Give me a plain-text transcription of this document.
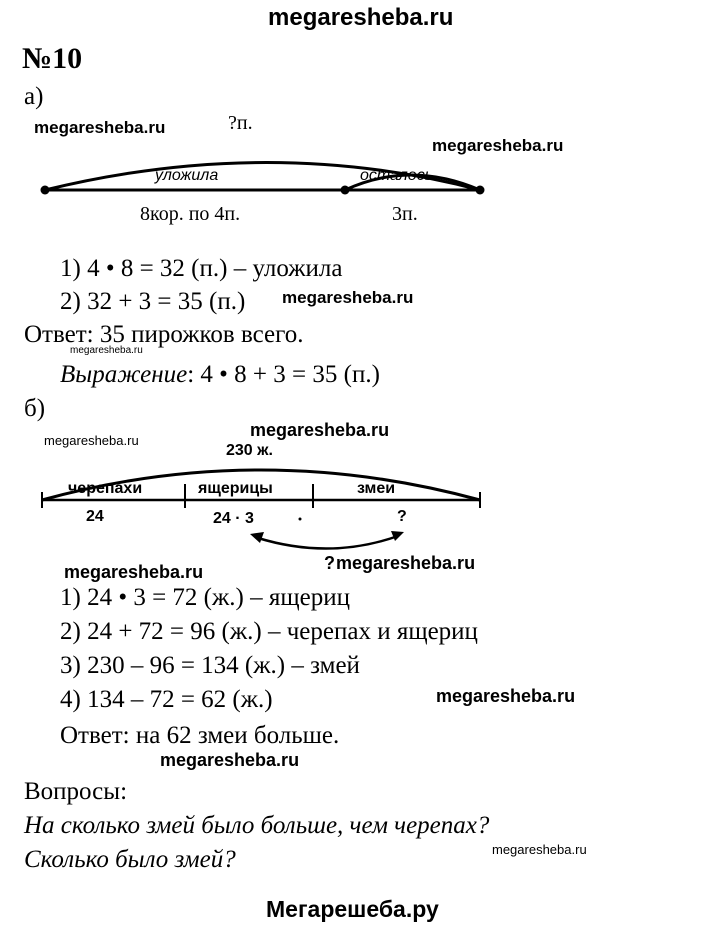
megaresheba.ru
№10
а)
?п.
уложила	осталось
8кор. по 4п.	3п.
1) 4 • 8 = 32 (п.) – уложила
2) 32 + 3 = 35 (п.)
Ответ: 35 пирожков всего.
Выражение: 4 • 8 + 3 = 35 (п.)
б)
230 ж.
черепахи	ящерицы	змеи
24	24 · 3	?
?
1) 24 • 3 = 72 (ж.) – ящериц
2) 24 + 72 = 96 (ж.) – черепах и ящериц
3) 230 – 96 = 134 (ж.) – змей
4) 134 – 72 = 62 (ж.)
Ответ: на 62 змеи больше.
Вопросы:
На сколько змей было больше, чем черепах?
Сколько было змей?
megaresheba.ru
megaresheba.ru
megaresheba.ru
megaresheba.ru
megaresheba.ru
megaresheba.ru
megaresheba.ru
megaresheba.ru
megaresheba.ru
megaresheba.ru
megaresheba.ru
Мегарешеба.ру
